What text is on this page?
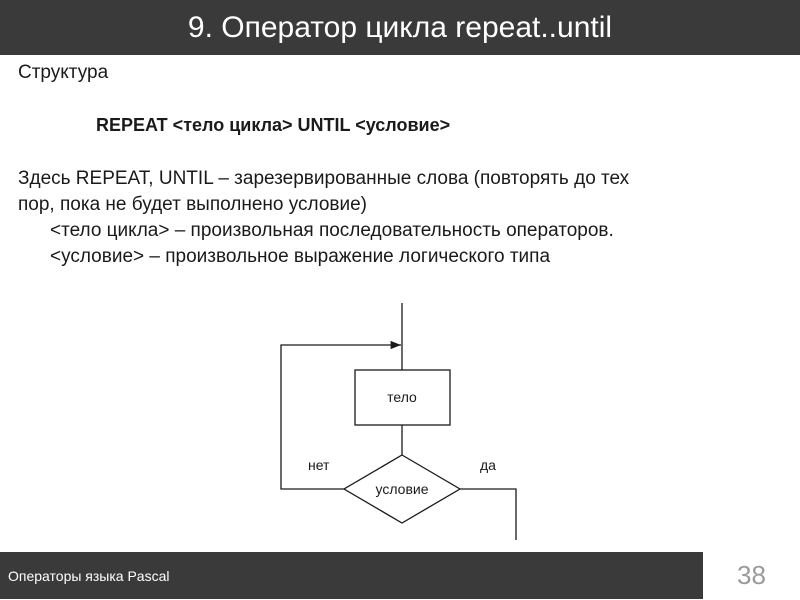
9. Оператор цикла repeat..until
Структура
REPEAT <тело цикла> UNTIL <условие>
Здесь REPEAT, UNTIL – зарезервированные слова (повторять до тех
пор, пока не будет выполнено условие)
<тело цикла> – произвольная последовательность операторов.
<условие> – произвольное выражение логического типа
тело
условие
нет	да
Операторы языка Pascal	38
